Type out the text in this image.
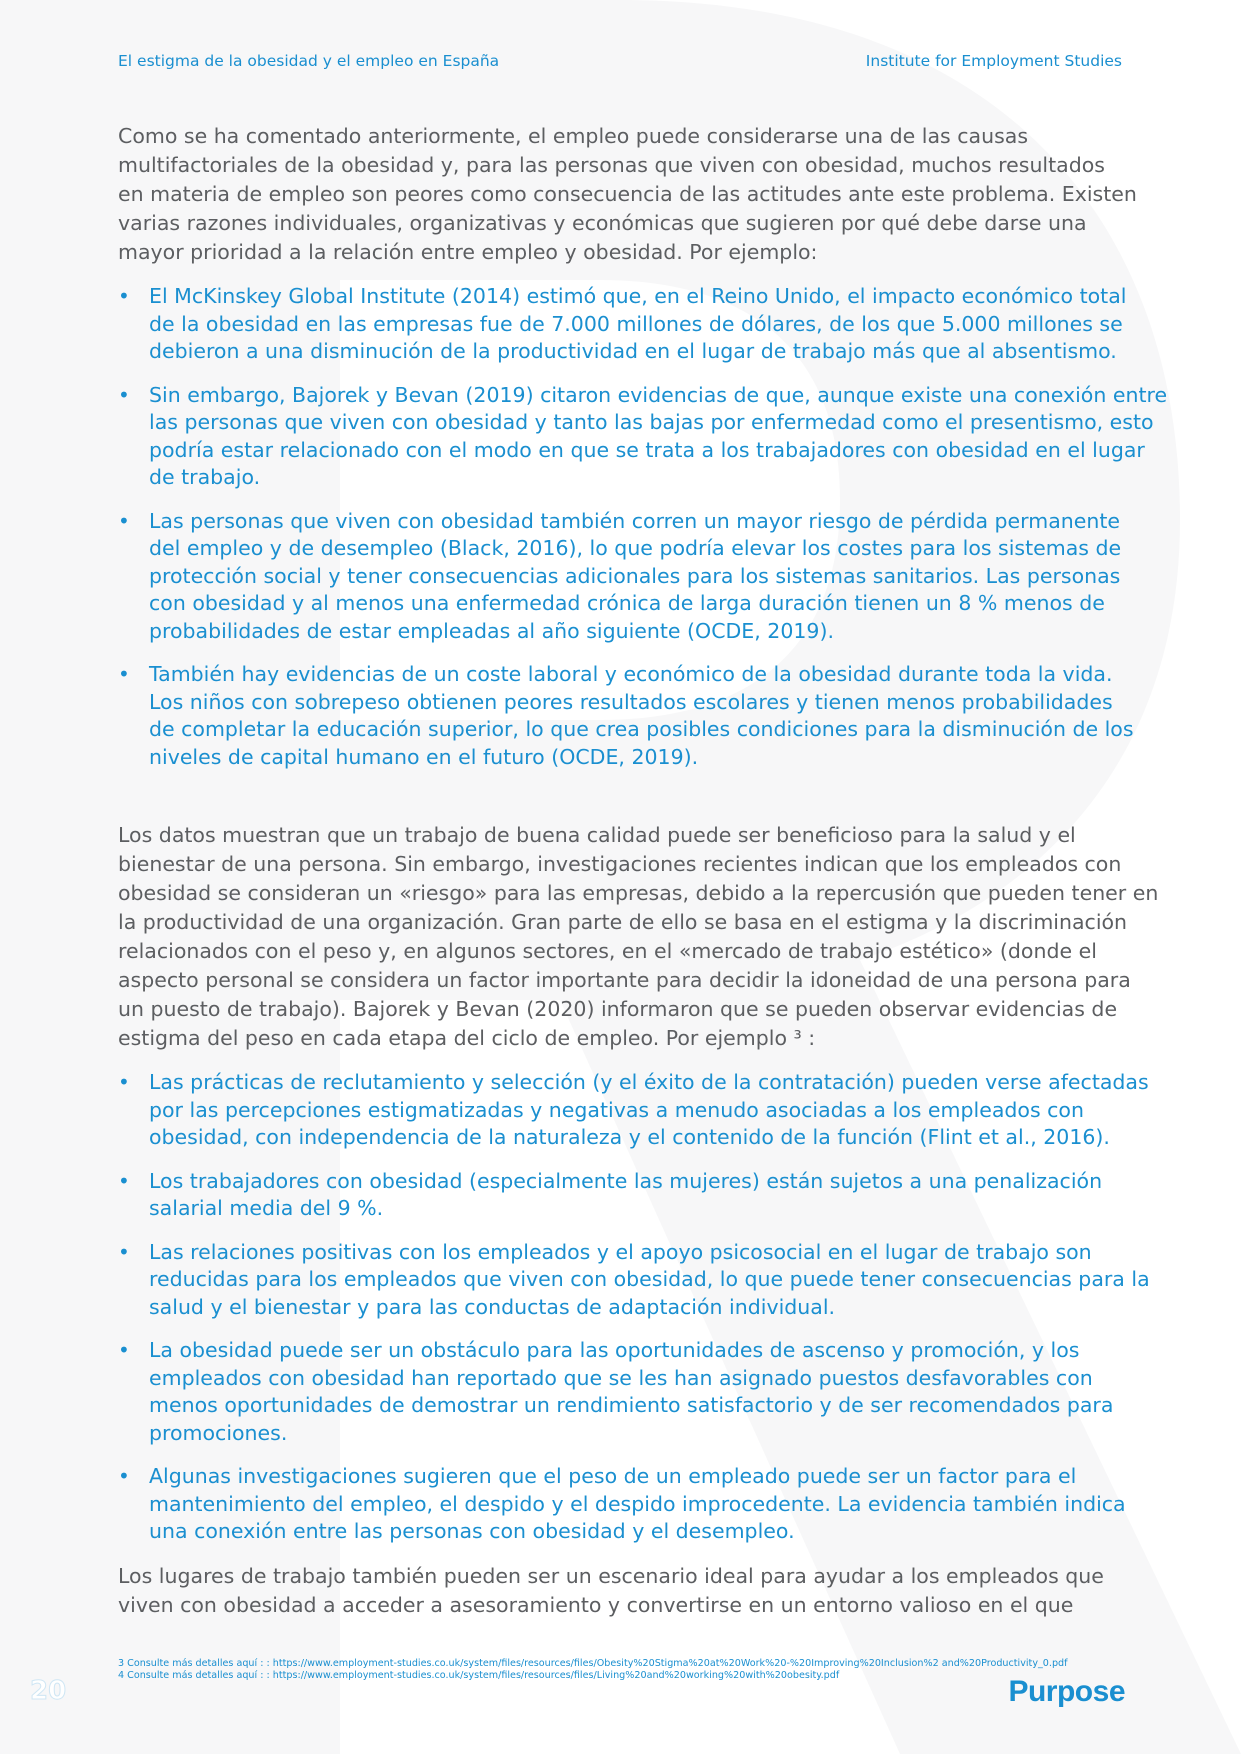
El estigma de la obesidad y el empleo en España	Institute for Employment Studies

Como se ha comentado anteriormente, el empleo puede considerarse una de las causas

multifactoriales de la obesidad y, para las personas que viven con obesidad, muchos resultados

en materia de empleo son peores como consecuencia de las actitudes ante este problema. Existen

varias razones individuales, organizativas y económicas que sugieren por qué debe darse una

mayor prioridad a la relación entre empleo y obesidad. Por ejemplo:

• El McKinskey Global Institute (2014) estimó que, en el Reino Unido, el impacto económico total
de la obesidad en las empresas fue de 7.000 millones de dólares, de los que 5.000 millones se
debieron a una disminución de la productividad en el lugar de trabajo más que al absentismo.
• Sin embargo, Bajorek y Bevan (2019) citaron evidencias de que, aunque existe una conexión entre
las personas que viven con obesidad y tanto las bajas por enfermedad como el presentismo, esto
podría estar relacionado con el modo en que se trata a los trabajadores con obesidad en el lugar
de trabajo.
• Las personas que viven con obesidad también corren un mayor riesgo de pérdida permanente
del empleo y de desempleo (Black, 2016), lo que podría elevar los costes para los sistemas de
protección social y tener consecuencias adicionales para los sistemas sanitarios. Las personas
con obesidad y al menos una enfermedad crónica de larga duración tienen un 8 % menos de
probabilidades de estar empleadas al año siguiente (OCDE, 2019).
• También hay evidencias de un coste laboral y económico de la obesidad durante toda la vida.
Los niños con sobrepeso obtienen peores resultados escolares y tienen menos probabilidades
de completar la educación superior, lo que crea posibles condiciones para la disminución de los
niveles de capital humano en el futuro (OCDE, 2019).

Los datos muestran que un trabajo de buena calidad puede ser beneficioso para la salud y el

bienestar de una persona. Sin embargo, investigaciones recientes indican que los empleados con

obesidad se consideran un «riesgo» para las empresas, debido a la repercusión que pueden tener en

la productividad de una organización. Gran parte de ello se basa en el estigma y la discriminación

relacionados con el peso y, en algunos sectores, en el «mercado de trabajo estético» (donde el

aspecto personal se considera un factor importante para decidir la idoneidad de una persona para

un puesto de trabajo). Bajorek y Bevan (2020) informaron que se pueden observar evidencias de

estigma del peso en cada etapa del ciclo de empleo. Por ejemplo ³ :

• Las prácticas de reclutamiento y selección (y el éxito de la contratación) pueden verse afectadas
por las percepciones estigmatizadas y negativas a menudo asociadas a los empleados con
obesidad, con independencia de la naturaleza y el contenido de la función (Flint et al., 2016).
• Los trabajadores con obesidad (especialmente las mujeres) están sujetos a una penalización
salarial media del 9 %.
• Las relaciones positivas con los empleados y el apoyo psicosocial en el lugar de trabajo son
reducidas para los empleados que viven con obesidad, lo que puede tener consecuencias para la
salud y el bienestar y para las conductas de adaptación individual.
• La obesidad puede ser un obstáculo para las oportunidades de ascenso y promoción, y los
empleados con obesidad han reportado que se les han asignado puestos desfavorables con
menos oportunidades de demostrar un rendimiento satisfactorio y de ser recomendados para
promociones.
• Algunas investigaciones sugieren que el peso de un empleado puede ser un factor para el
mantenimiento del empleo, el despido y el despido improcedente. La evidencia también indica
una conexión entre las personas con obesidad y el desempleo.

Los lugares de trabajo también pueden ser un escenario ideal para ayudar a los empleados que

viven con obesidad a acceder a asesoramiento y convertirse en un entorno valioso en el que

3 Consulte más detalles aquí : : https://www.employment-studies.co.uk/system/files/resources/files/Obesity%20Stigma%20at%20Work%20-%20Improving%20Inclusion%2 and%20Productivity_0.pdf
4 Consulte más detalles aquí : : https://www.employment-studies.co.uk/system/files/resources/files/Living%20and%20working%20with%20obesity.pdf
20	Purpose
